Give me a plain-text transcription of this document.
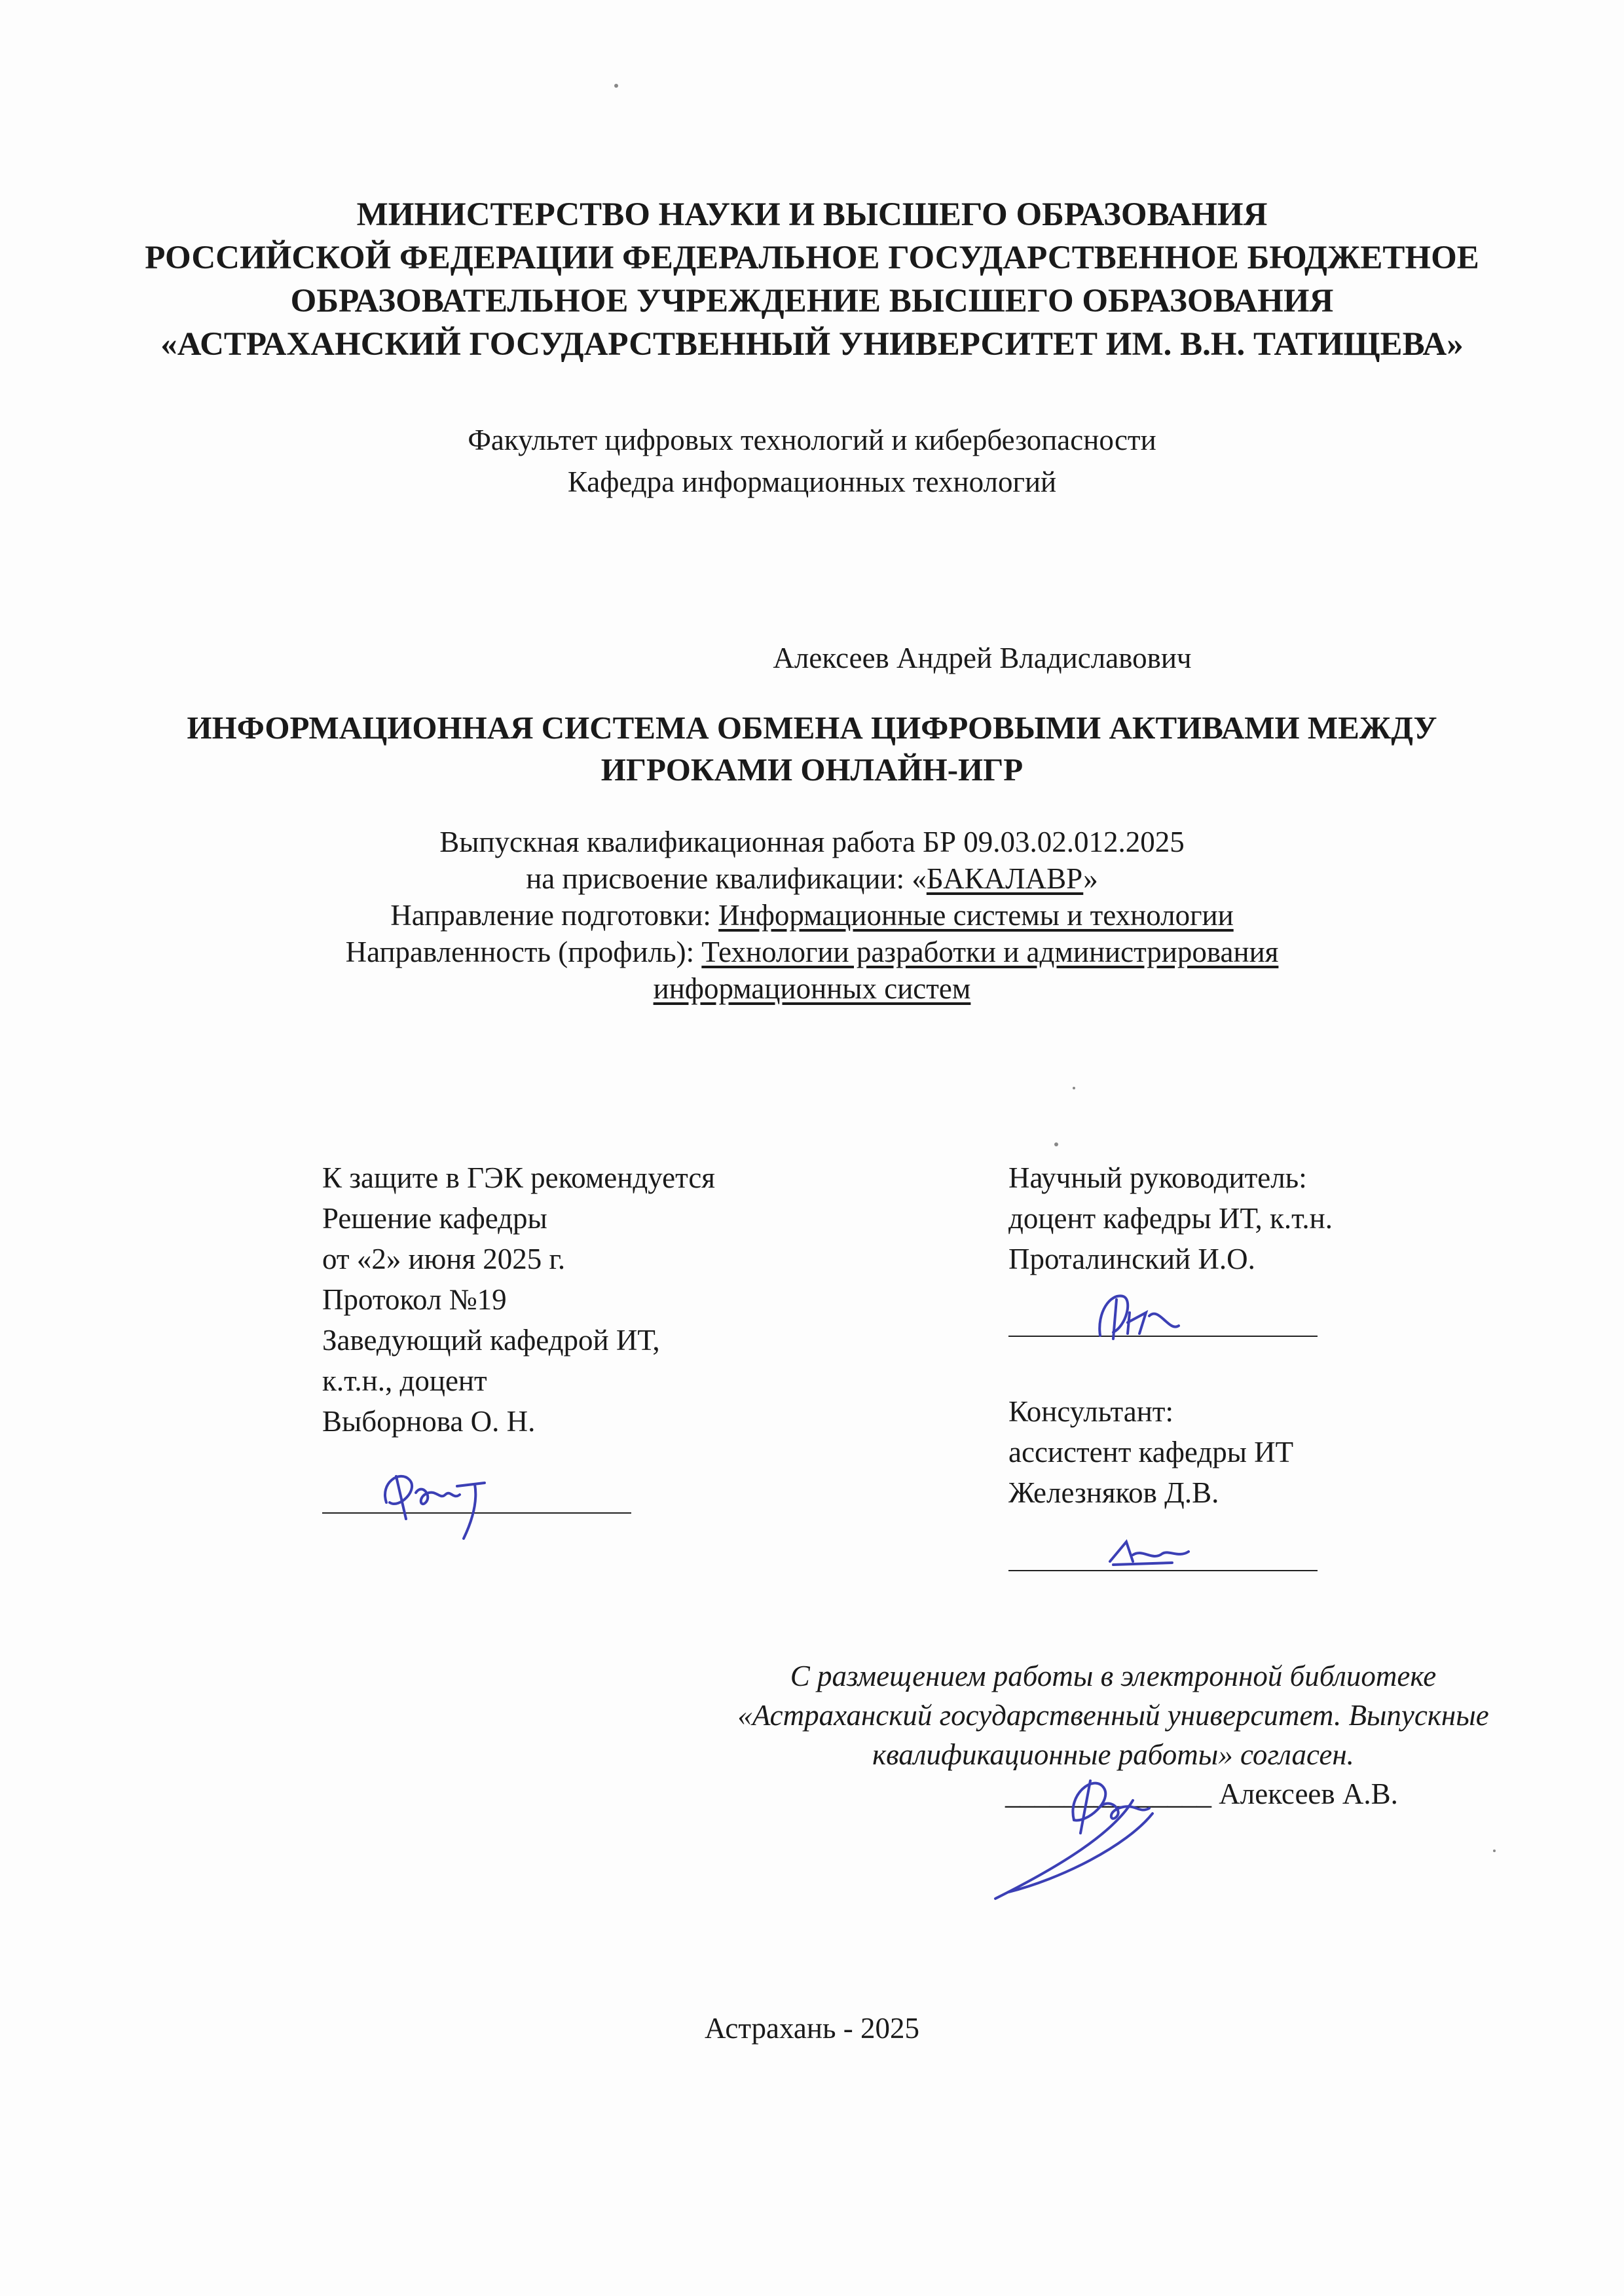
МИНИСТЕРСТВО НАУКИ И ВЫСШЕГО ОБРАЗОВАНИЯ
РОССИЙСКОЙ ФЕДЕРАЦИИ ФЕДЕРАЛЬНОЕ ГОСУДАРСТВЕННОЕ БЮДЖЕТНОЕ
ОБРАЗОВАТЕЛЬНОЕ УЧРЕЖДЕНИЕ ВЫСШЕГО ОБРАЗОВАНИЯ
«АСТРАХАНСКИЙ ГОСУДАРСТВЕННЫЙ УНИВЕРСИТЕТ ИМ. В.Н. ТАТИЩЕВА»
Факультет цифровых технологий и кибербезопасности
Кафедра информационных технологий
Алексеев Андрей Владиславович
ИНФОРМАЦИОННАЯ СИСТЕМА ОБМЕНА ЦИФРОВЫМИ АКТИВАМИ МЕЖДУ
ИГРОКАМИ ОНЛАЙН-ИГР
Выпускная квалификационная работа БР 09.03.02.012.2025
на присвоение квалификации: «БАКАЛАВР»
Направление подготовки: Информационные системы и технологии
Направленность (профиль): Технологии разработки и администрирования
информационных систем
К защите в ГЭК рекомендуется
Решение кафедры
от «2» июня 2025 г.
Протокол №19
Заведующий кафедрой ИТ,
к.т.н., доцент
Выборнова О. Н.
Научный руководитель:
доцент кафедры ИТ, к.т.н.
Проталинский И.О.
Консультант:
ассистент кафедры ИТ
Железняков Д.В.
С размещением работы в электронной библиотеке
«Астраханский государственный университет. Выпускные
квалификационные работы» согласен.
______________ Алексеев А.В.
Астрахань - 2025
